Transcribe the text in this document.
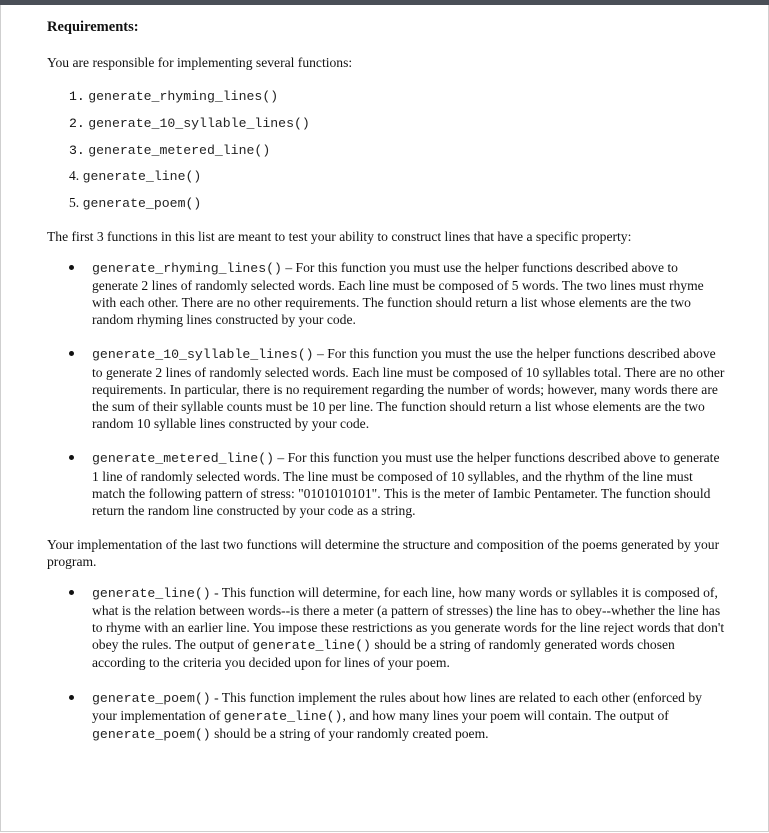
Requirements:

You are responsible for implementing several functions:

1. generate_rhyming_lines()
2. generate_10_syllable_lines()
3. generate_metered_line()
4. generate_line()
5. generate_poem()

The first 3 functions in this list are meant to test your ability to construct lines that have a specific property:

generate_rhyming_lines() – For this function you must use the helper functions described above to generate 2 lines of randomly selected words. Each line must be composed of 5 words. The two lines must rhyme with each other. There are no other requirements. The function should return a list whose elements are the two random rhyming lines constructed by your code.
generate_10_syllable_lines() – For this function you must the use the helper functions described above to generate 2 lines of randomly selected words. Each line must be composed of 10 syllables total. There are no other requirements. In particular, there is no requirement regarding the number of words; however, many words there are the sum of their syllable counts must be 10 per line. The function should return a list whose elements are the two random 10 syllable lines constructed by your code.
generate_metered_line() – For this function you must use the helper functions described above to generate 1 line of randomly selected words. The line must be composed of 10 syllables, and the rhythm of the line must match the following pattern of stress: "0101010101". This is the meter of Iambic Pentameter. The function should return the random line constructed by your code as a string.

Your implementation of the last two functions will determine the structure and composition of the poems generated by your program.

generate_line() - This function will determine, for each line, how many words or syllables it is composed of, what is the relation between words--is there a meter (a pattern of stresses) the line has to obey--whether the line has to rhyme with an earlier line. You impose these restrictions as you generate words for the line reject words that don't obey the rules. The output of generate_line() should be a string of randomly generated words chosen according to the criteria you decided upon for lines of your poem.
generate_poem() - This function implement the rules about how lines are related to each other (enforced by your implementation of generate_line(), and how many lines your poem will contain. The output of generate_poem() should be a string of your randomly created poem.
